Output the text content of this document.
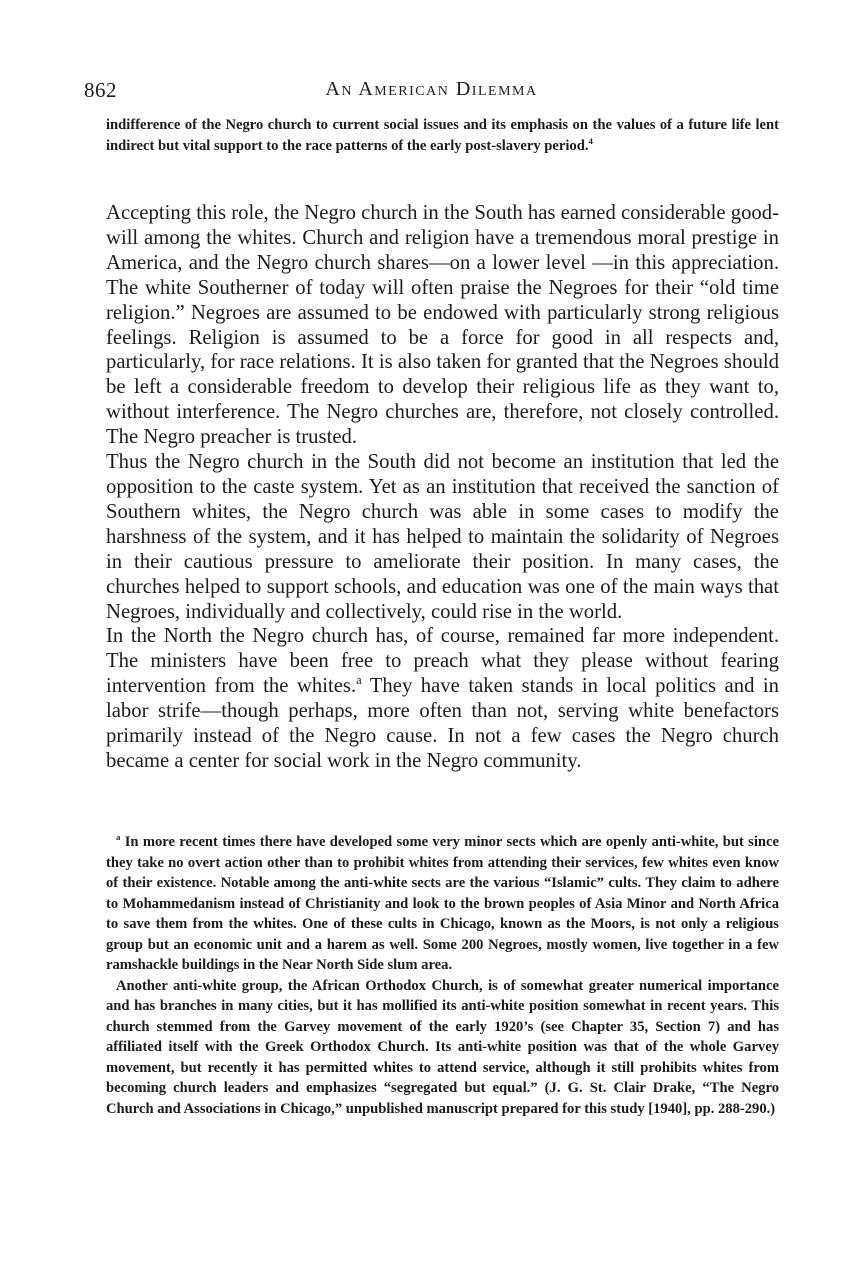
862	An American Dilemma
indifference of the Negro church to current social issues and its emphasis on the values of a future life lent indirect but vital support to the race patterns of the early post-slavery period.$^4$

Accepting this role, the Negro church in the South has earned considerable good-will among the whites. Church and religion have a tremendous moral prestige in America, and the Negro church shares—on a lower level —in this appreciation. The white Southerner of today will often praise the Negroes for their “old time religion.” Negroes are assumed to be endowed with particularly strong religious feelings. Religion is assumed to be a force for good in all respects and, particularly, for race relations. It is also taken for granted that the Negroes should be left a considerable freedom to develop their religious life as they want to, without interference. The Negro churches are, therefore, not closely controlled. The Negro preacher is trusted.

Thus the Negro church in the South did not become an institution that led the opposition to the caste system. Yet as an institution that received the sanction of Southern whites, the Negro church was able in some cases to modify the harshness of the system, and it has helped to maintain the solidarity of Negroes in their cautious pressure to ameliorate their position. In many cases, the churches helped to support schools, and education was one of the main ways that Negroes, individually and collectively, could rise in the world.

In the North the Negro church has, of course, remained far more independent. The ministers have been free to preach what they please without fearing intervention from the whites.$^a$ They have taken stands in local politics and in labor strife—though perhaps, more often than not, serving white benefactors primarily instead of the Negro cause. In not a few cases the Negro church became a center for social work in the Negro community.

$^a$ In more recent times there have developed some very minor sects which are openly anti-white, but since they take no overt action other than to prohibit whites from attending their services, few whites even know of their existence. Notable among the anti-white sects are the various “Islamic” cults. They claim to adhere to Mohammedanism instead of Christianity and look to the brown peoples of Asia Minor and North Africa to save them from the whites. One of these cults in Chicago, known as the Moors, is not only a religious group but an economic unit and a harem as well. Some 200 Negroes, mostly women, live together in a few ramshackle buildings in the Near North Side slum area.

Another anti-white group, the African Orthodox Church, is of somewhat greater numerical importance and has branches in many cities, but it has mollified its anti-white position somewhat in recent years. This church stemmed from the Garvey movement of the early 1920’s (see Chapter 35, Section 7) and has affiliated itself with the Greek Orthodox Church. Its anti-white position was that of the whole Garvey movement, but recently it has permitted whites to attend service, although it still prohibits whites from becoming church leaders and emphasizes “segregated but equal.” (J. G. St. Clair Drake, “The Negro Church and Associations in Chicago,” unpublished manuscript prepared for this study [1940], pp. 288-290.)
